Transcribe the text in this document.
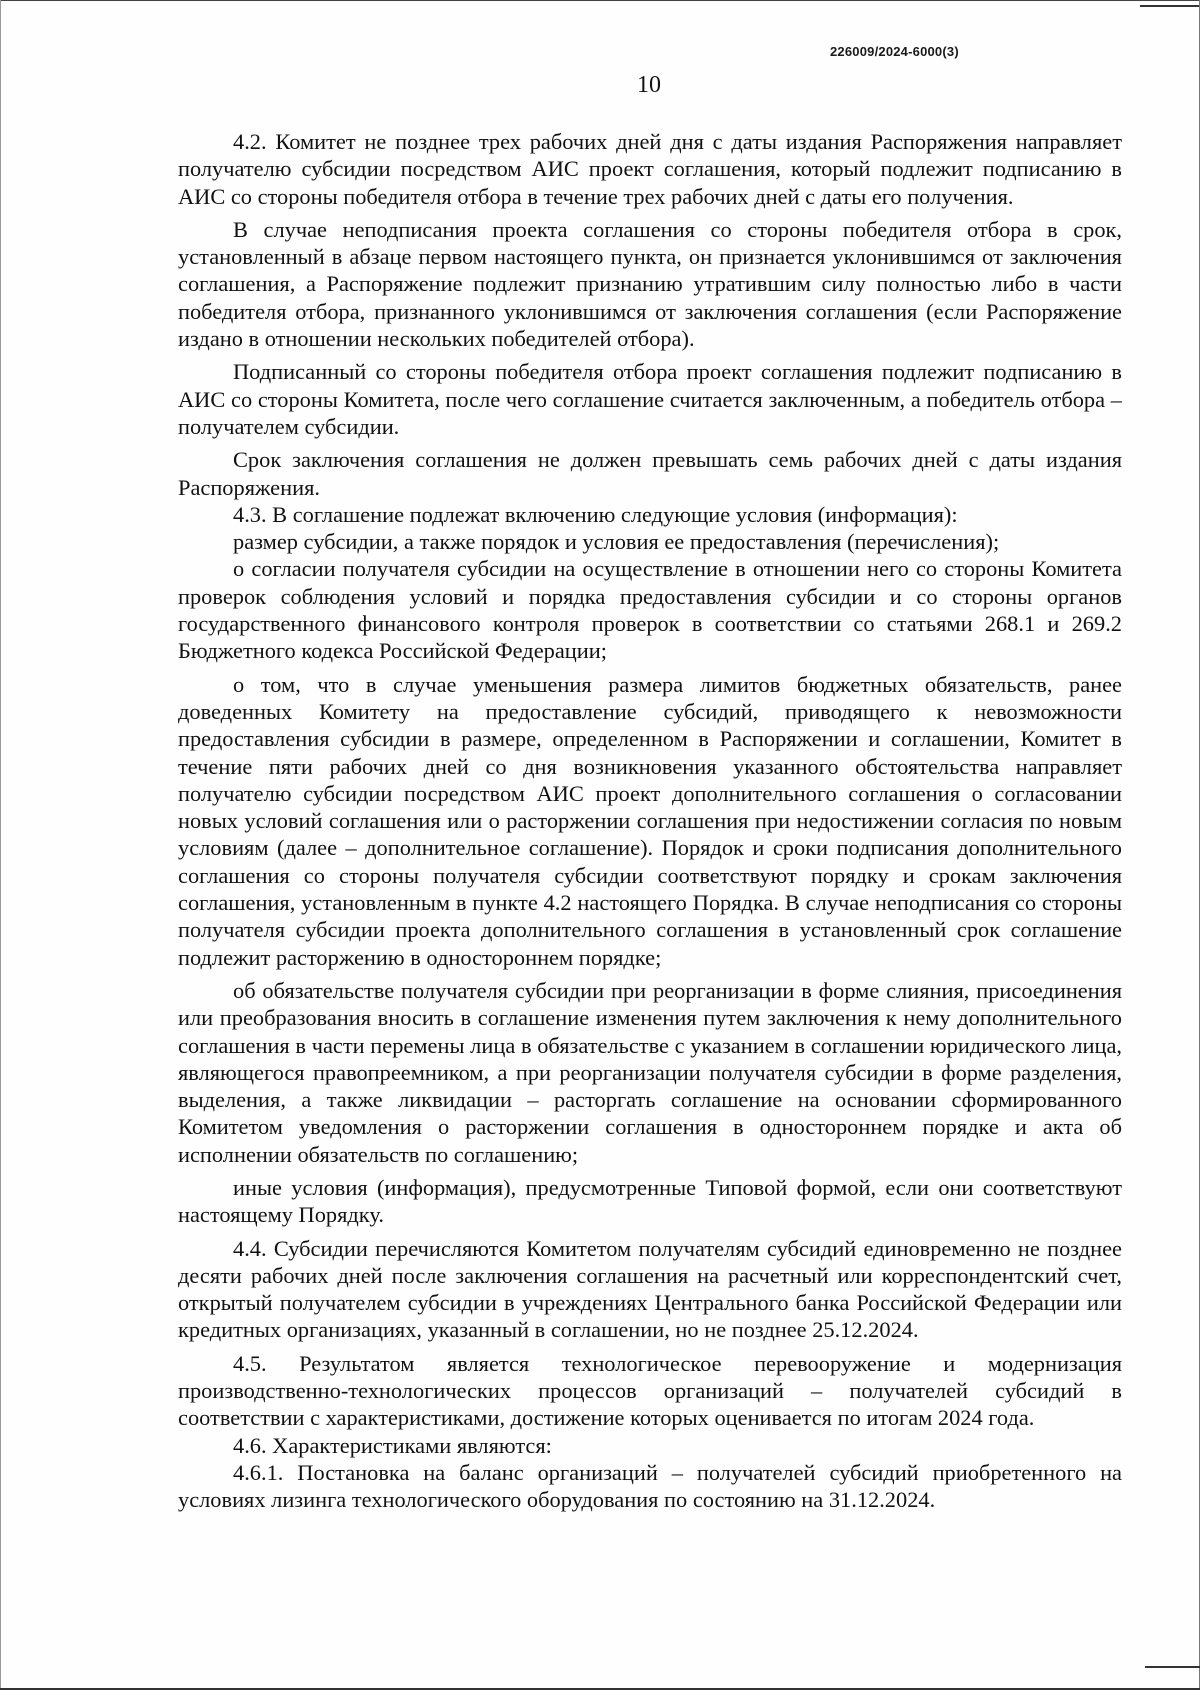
226009/2024-6000(3)
10

4.2. Комитет не позднее трех рабочих дней дня с даты издания Распоряжения направляет получателю субсидии посредством АИС проект соглашения, который подлежит подписанию в АИС со стороны победителя отбора в течение трех рабочих дней с даты его получения.

В случае неподписания проекта соглашения со стороны победителя отбора в срок, установленный в абзаце первом настоящего пункта, он признается уклонившимся от заключения соглашения, а Распоряжение подлежит признанию утратившим силу полностью либо в части победителя отбора, признанного уклонившимся от заключения соглашения (если Распоряжение издано в отношении нескольких победителей отбора).

Подписанный со стороны победителя отбора проект соглашения подлежит подписанию в АИС со стороны Комитета, после чего соглашение считается заключенным, а победитель отбора – получателем субсидии.

Срок заключения соглашения не должен превышать семь рабочих дней с даты издания Распоряжения.

4.3. В соглашение подлежат включению следующие условия (информация):

размер субсидии, а также порядок и условия ее предоставления (перечисления);

о согласии получателя субсидии на осуществление в отношении него со стороны Комитета проверок соблюдения условий и порядка предоставления субсидии и со стороны органов государственного финансового контроля проверок в соответствии со статьями 268.1 и 269.2 Бюджетного кодекса Российской Федерации;

о том, что в случае уменьшения размера лимитов бюджетных обязательств, ранее доведенных Комитету на предоставление субсидий, приводящего к невозможности предоставления субсидии в размере, определенном в Распоряжении и соглашении, Комитет в течение пяти рабочих дней со дня возникновения указанного обстоятельства направляет получателю субсидии посредством АИС проект дополнительного соглашения о согласовании новых условий соглашения или о расторжении соглашения при недостижении согласия по новым условиям (далее – дополнительное соглашение). Порядок и сроки подписания дополнительного соглашения со стороны получателя субсидии соответствуют порядку и срокам заключения соглашения, установленным в пункте 4.2 настоящего Порядка. В случае неподписания со стороны получателя субсидии проекта дополнительного соглашения в установленный срок соглашение подлежит расторжению в одностороннем порядке;

об обязательстве получателя субсидии при реорганизации в форме слияния, присоединения или преобразования вносить в соглашение изменения путем заключения к нему дополнительного соглашения в части перемены лица в обязательстве с указанием в соглашении юридического лица, являющегося правопреемником, а при реорганизации получателя субсидии в форме разделения, выделения, а также ликвидации – расторгать соглашение на основании сформированного Комитетом уведомления о расторжении соглашения в одностороннем порядке и акта об исполнении обязательств по соглашению;

иные условия (информация), предусмотренные Типовой формой, если они соответствуют настоящему Порядку.

4.4. Субсидии перечисляются Комитетом получателям субсидий единовременно не позднее десяти рабочих дней после заключения соглашения на расчетный или корреспондентский счет, открытый получателем субсидии в учреждениях Центрального банка Российской Федерации или кредитных организациях, указанный в соглашении, но не позднее 25.12.2024.

4.5. Результатом является технологическое перевооружение и модернизация производственно-технологических процессов организаций – получателей субсидий в соответствии с характеристиками, достижение которых оценивается по итогам 2024 года.

4.6. Характеристиками являются:

4.6.1. Постановка на баланс организаций – получателей субсидий приобретенного на условиях лизинга технологического оборудования по состоянию на 31.12.2024.
